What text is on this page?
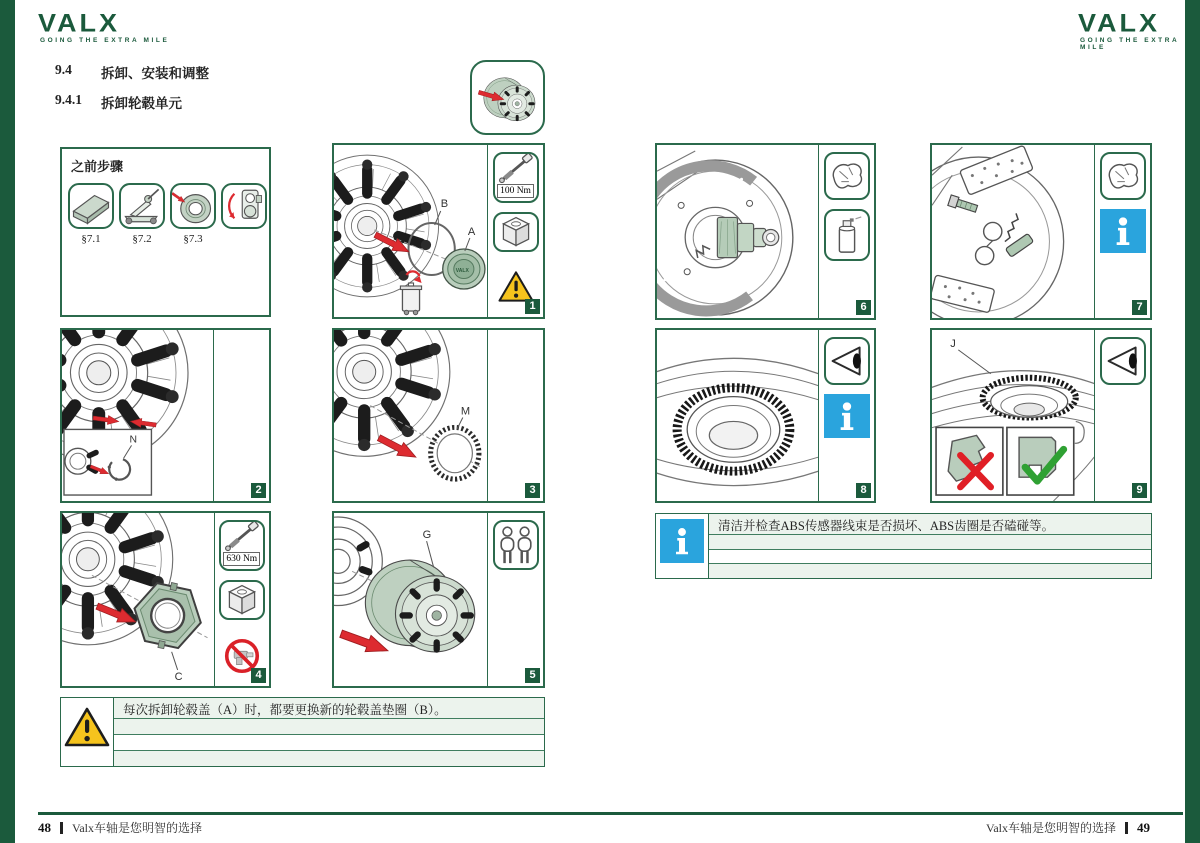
VALX
GOING THE EXTRA MILE
VALX
GOING THE EXTRA MILE
9.4	拆卸、安装和调整
9.4.1	拆卸轮毂单元
之前步骤
§7.1	§7.2	§7.3
B
VALX
A
100 Nm
1
N
2
M
3
C
630 Nm
4
G
5
6	7
8
J
9
清洁并检查ABS传感器线束是否损坏、ABS齿圈是否磕碰等。
每次拆卸轮毂盖（A）时，都要更换新的轮毂盖垫圈（B）。
48 Valx车轴是您明智的选择	Valx车轴是您明智的选择 49
